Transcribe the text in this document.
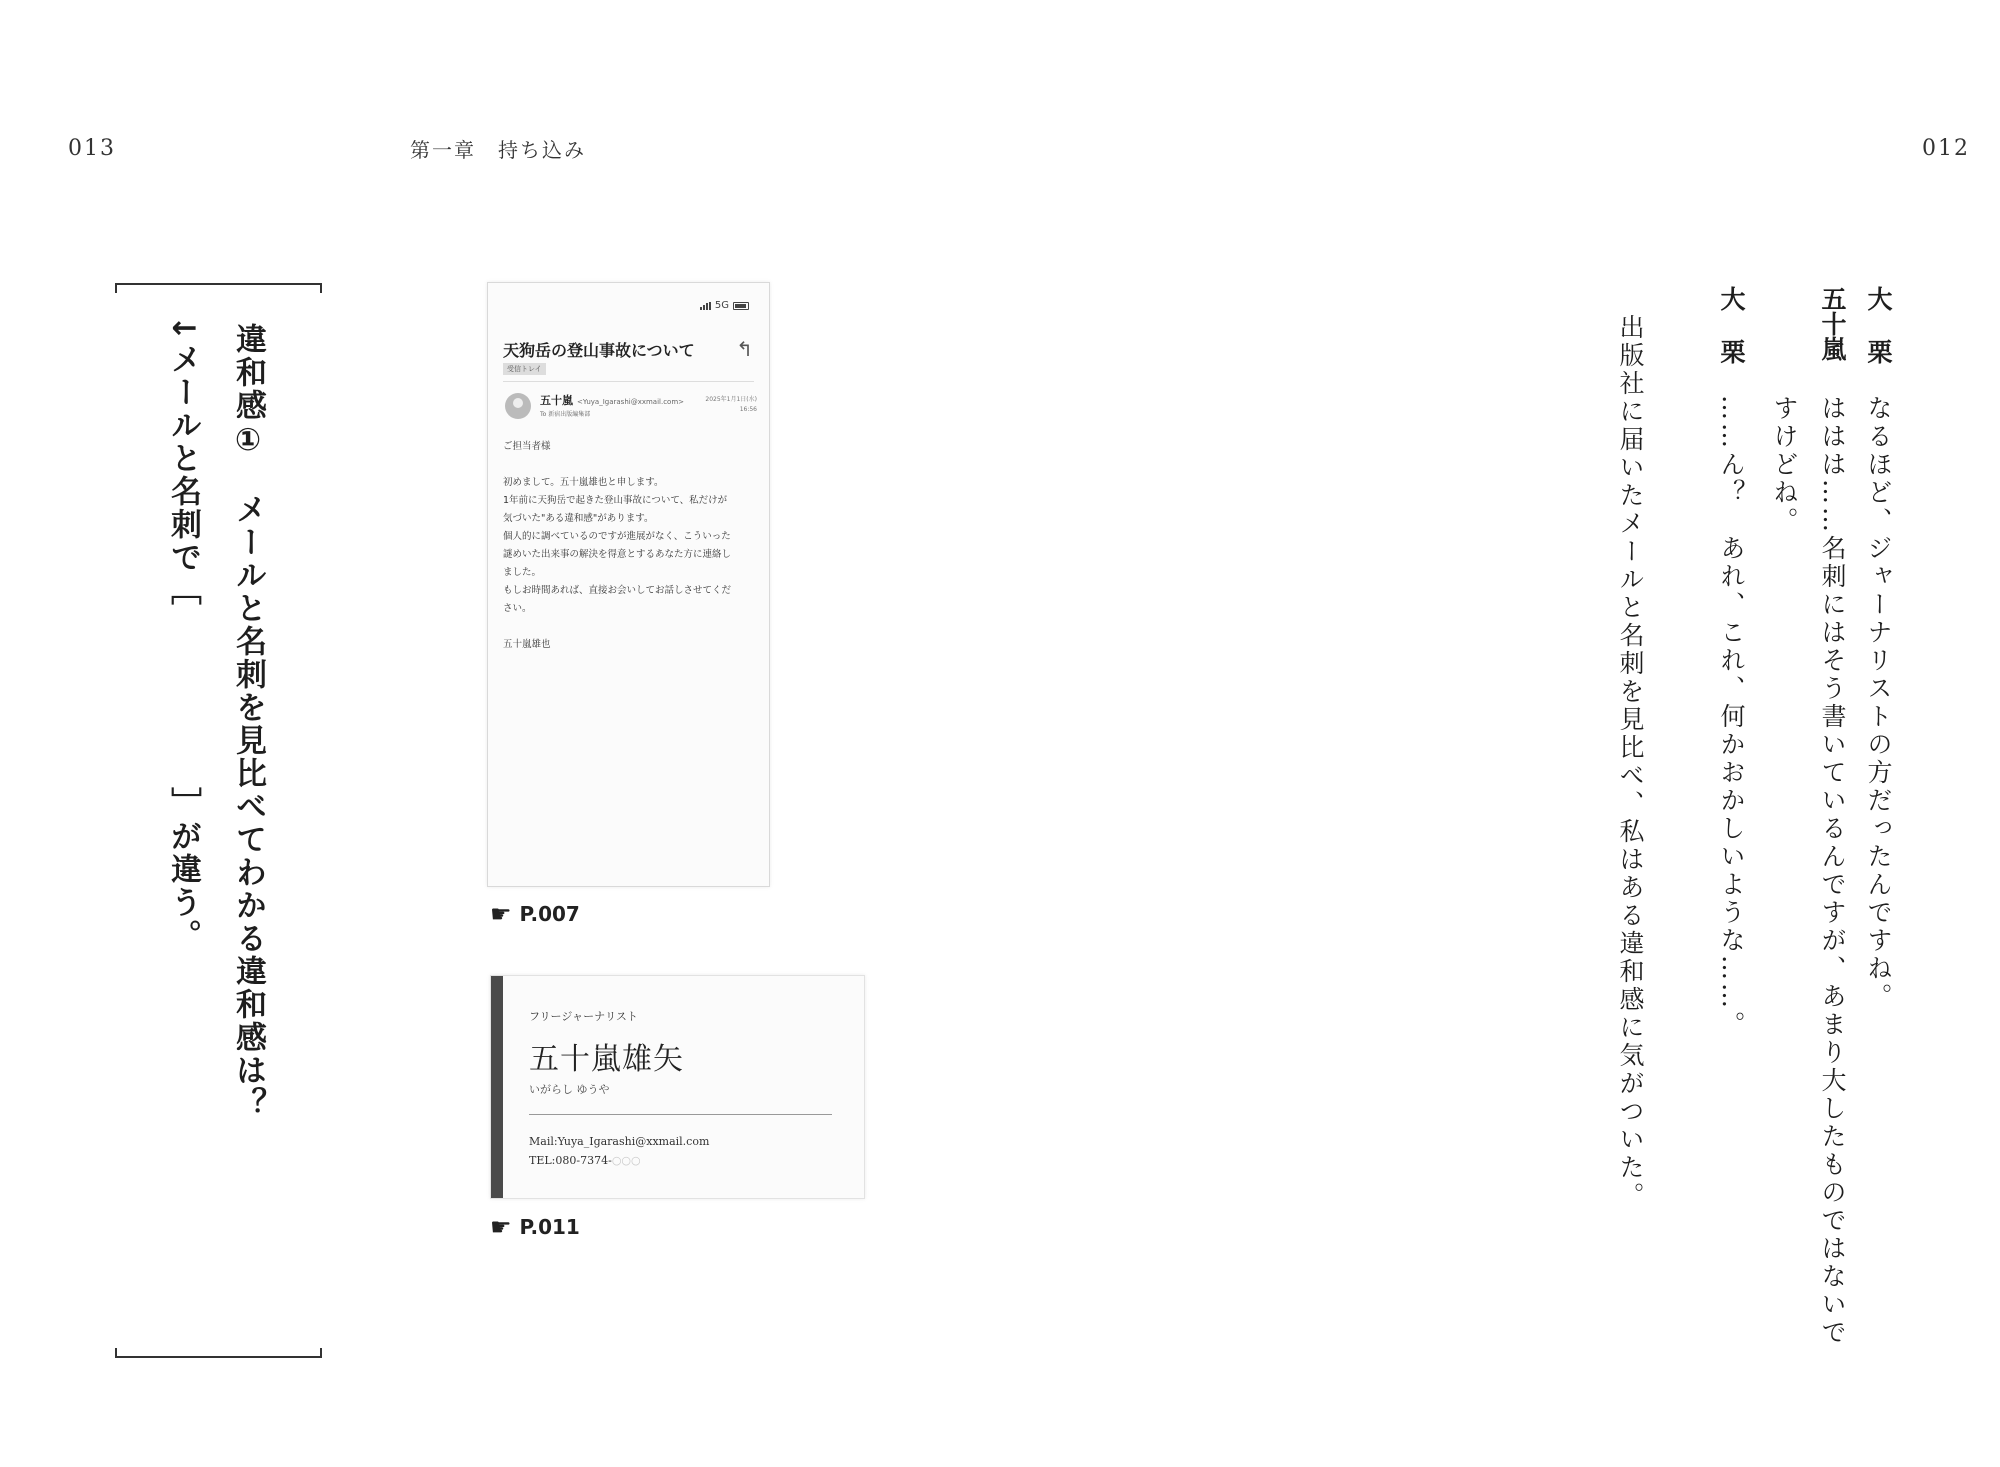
013	第一章　持ち込み	012
大栗
なるほど、ジャーナリストの方だったんですね。
五十嵐
ははは……名刺にはそう書いているんですが、あまり大したものではないで
すけどね。
大栗
……ん？　あれ、これ、何かおかしいような……。
出版社に届いたメールと名刺を見比べ、私はある違和感に気がついた。
5G
天狗岳の登山事故について ↰
受信トレイ
五十嵐 <Yuya_Igarashi@xxmail.com>
To 新宿出版編集部
2025年1月1日(水)
16:56

ご担当者様

初めまして。五十嵐雄也と申します。

1年前に天狗岳で起きた登山事故について、私だけが

気づいた"ある違和感"があります。

個人的に調べているのですが進展がなく、こういった

謎めいた出来事の解決を得意とするあなた方に連絡し

ました。

もしお時間あれば、直接お会いしてお話しさせてくだ

さい。

五十嵐雄也

☛ P.007
フリージャーナリスト
五十嵐雄矢
いがらし ゆうや
Mail:Yuya_Igarashi@xxmail.com
TEL:080-7374-○○○
☛ P.011
違和感①　メールと名刺を見比べてわかる違和感は？
↓メールと名刺で［］が違う。
